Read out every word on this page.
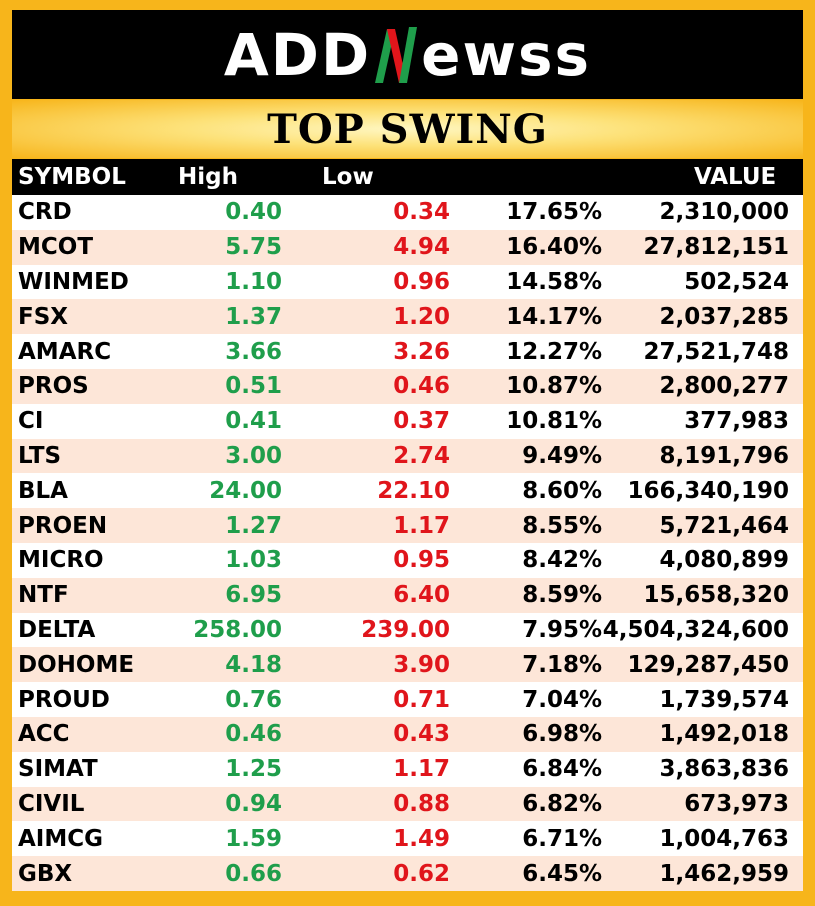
ADD ewss
TOP SWING
SYMBOL	High	Low		VALUE
CRD	0.40	0.34	17.65%	2,310,000
MCOT	5.75	4.94	16.40%	27,812,151
WINMED	1.10	0.96	14.58%	502,524
FSX	1.37	1.20	14.17%	2,037,285
AMARC	3.66	3.26	12.27%	27,521,748
PROS	0.51	0.46	10.87%	2,800,277
CI	0.41	0.37	10.81%	377,983
LTS	3.00	2.74	9.49%	8,191,796
BLA	24.00	22.10	8.60%	166,340,190
PROEN	1.27	1.17	8.55%	5,721,464
MICRO	1.03	0.95	8.42%	4,080,899
NTF	6.95	6.40	8.59%	15,658,320
DELTA	258.00	239.00	7.95%	4,504,324,600
DOHOME	4.18	3.90	7.18%	129,287,450
PROUD	0.76	0.71	7.04%	1,739,574
ACC	0.46	0.43	6.98%	1,492,018
SIMAT	1.25	1.17	6.84%	3,863,836
CIVIL	0.94	0.88	6.82%	673,973
AIMCG	1.59	1.49	6.71%	1,004,763
GBX	0.66	0.62	6.45%	1,462,959
